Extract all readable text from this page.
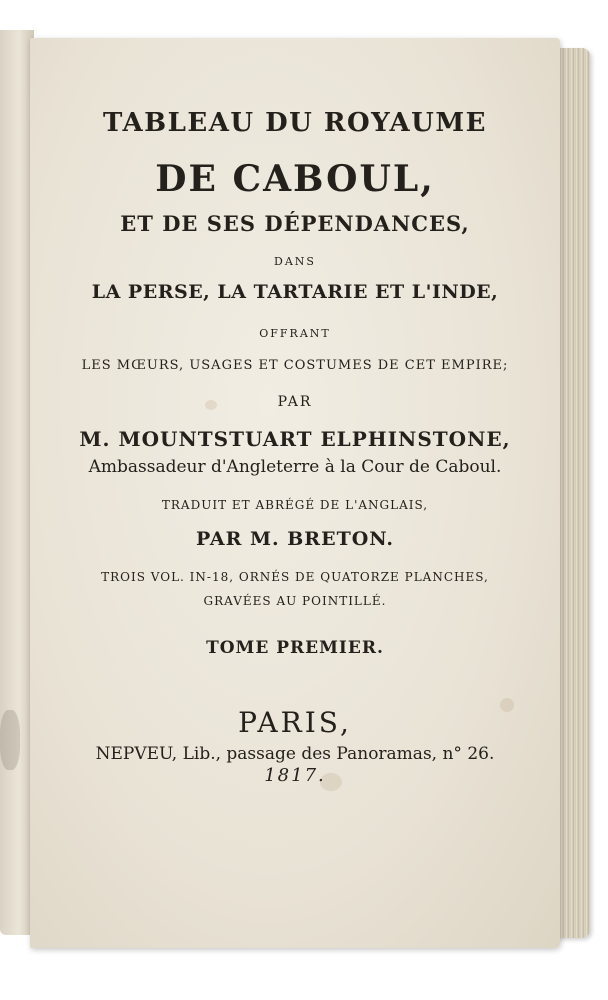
TABLEAU DU ROYAUME
DE CABOUL,
ET DE SES DÉPENDANCES,
DANS
LA PERSE, LA TARTARIE ET L'INDE,
OFFRANT
LES MŒURS, USAGES ET COSTUMES DE CET EMPIRE;
PAR
M. MOUNTSTUART ELPHINSTONE,
Ambassadeur d'Angleterre à la Cour de Caboul.
TRADUIT ET ABRÉGÉ DE L'ANGLAIS,
PAR M. BRETON.
TROIS VOL. IN-18, ORNÉS DE QUATORZE PLANCHES,
GRAVÉES AU POINTILLÉ.
TOME PREMIER.
PARIS,
NEPVEU, Lib., passage des Panoramas, n° 26.
1817.
